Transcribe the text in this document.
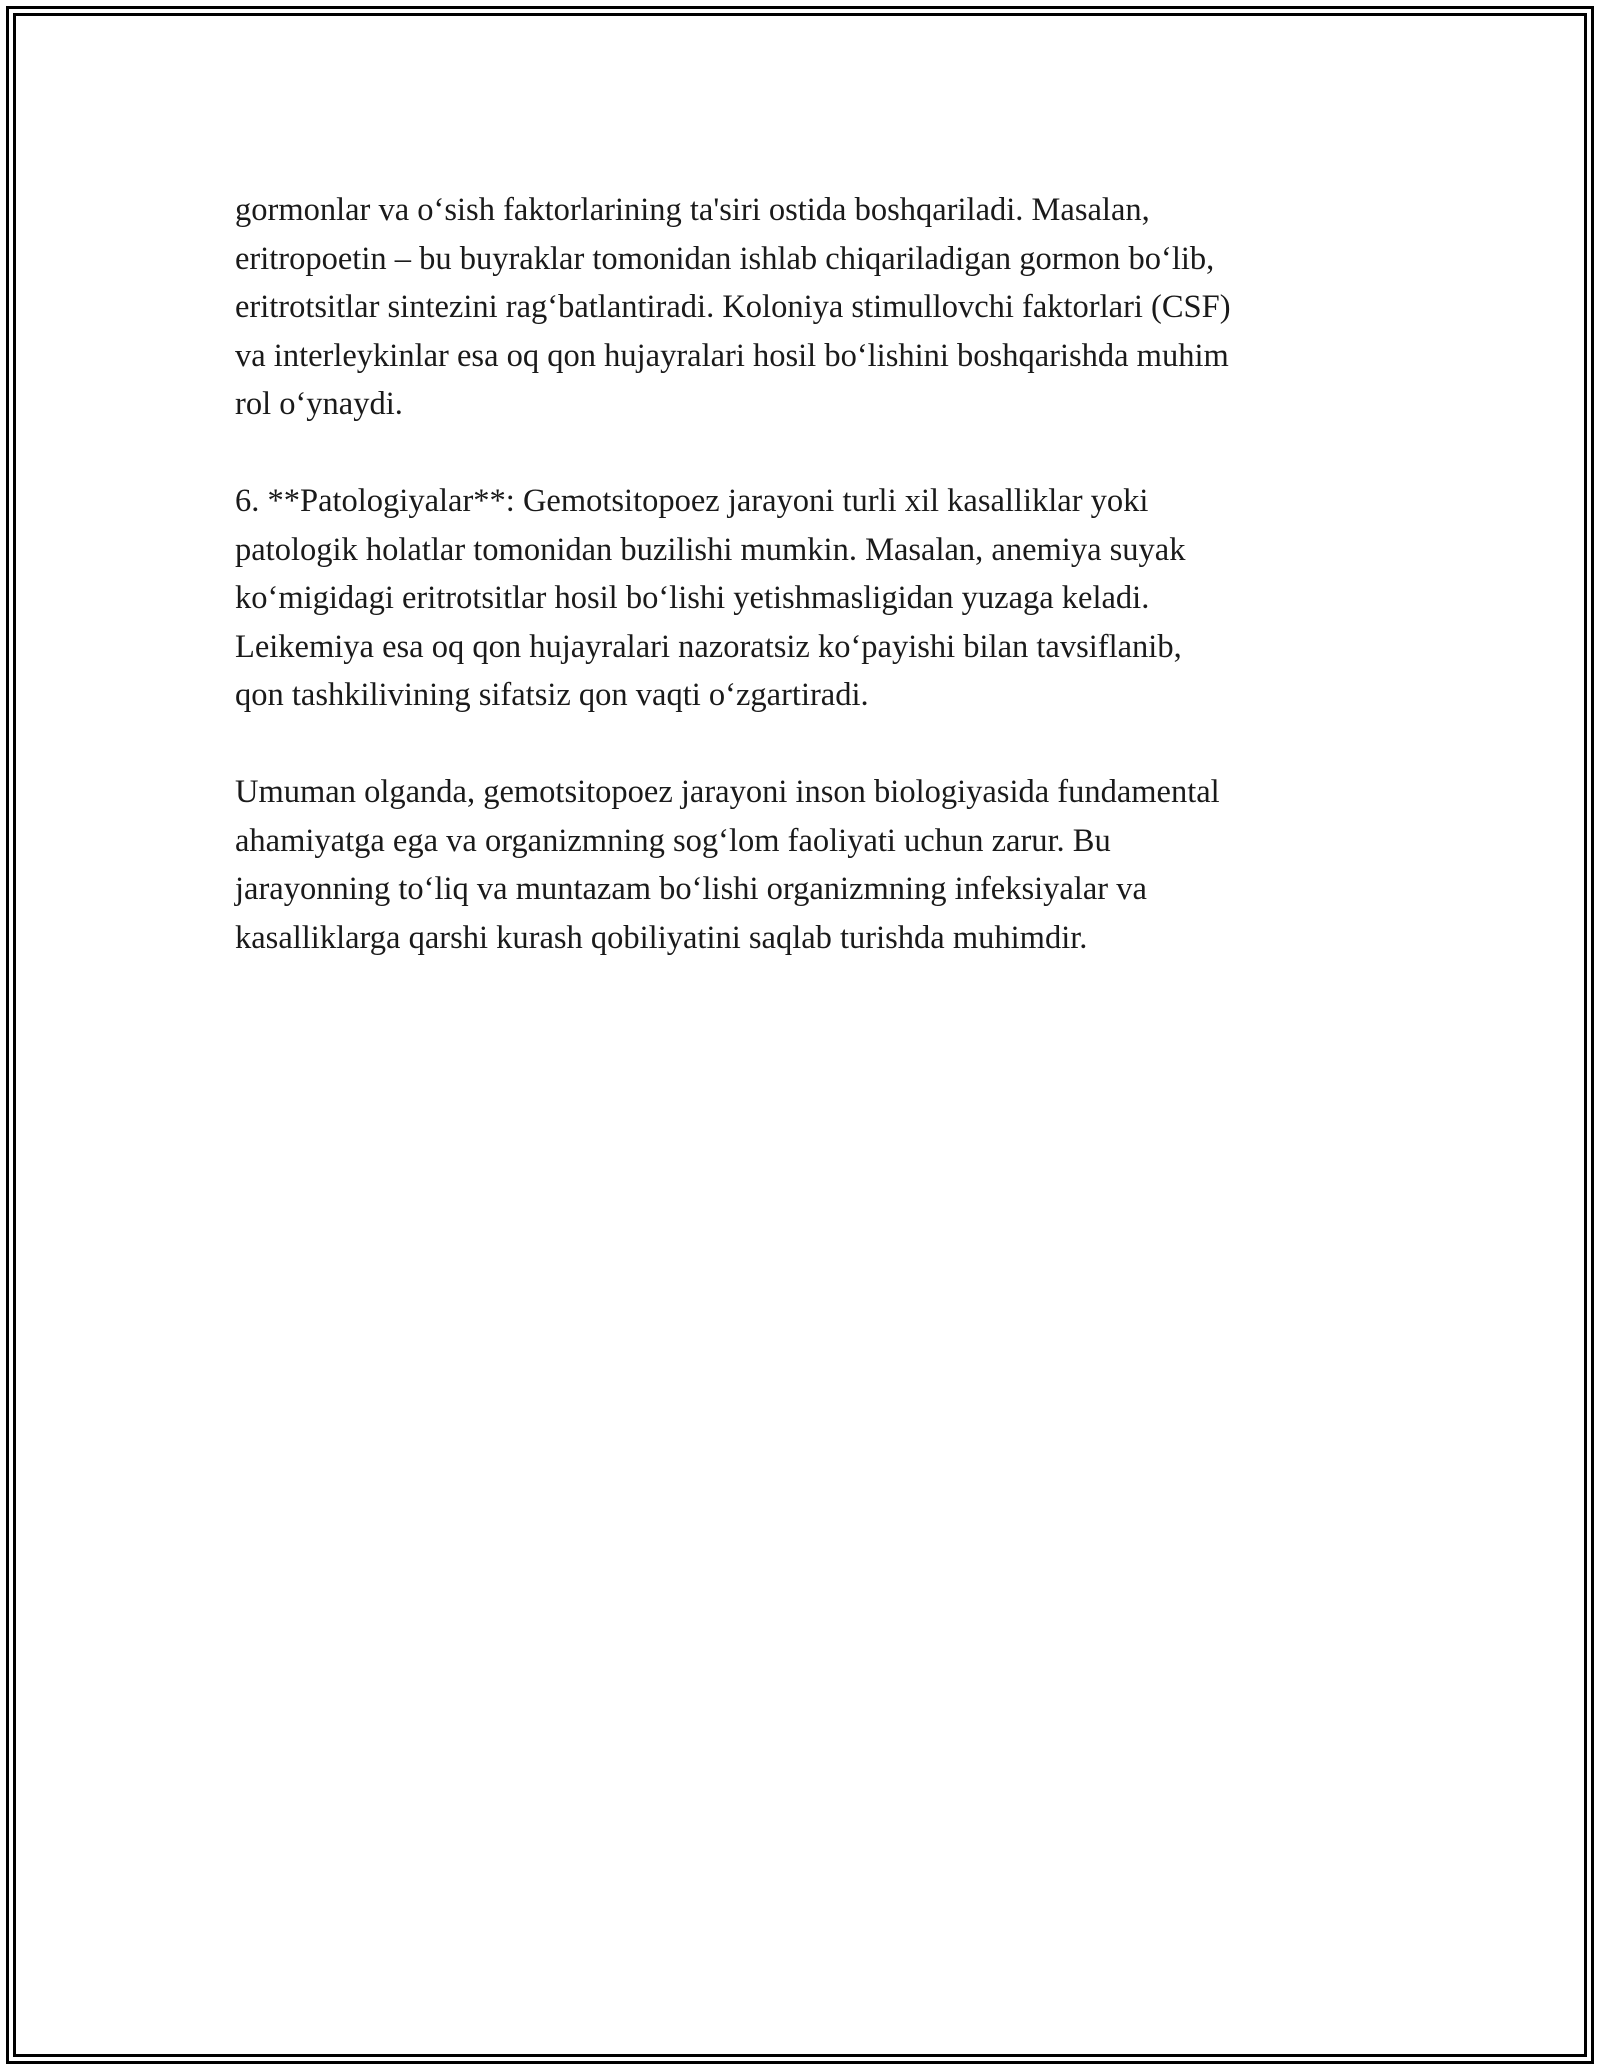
gormonlar va o‘sish faktorlarining ta'siri ostida boshqariladi. Masalan,
eritropoetin – bu buyraklar tomonidan ishlab chiqariladigan gormon bo‘lib,
eritrotsitlar sintezini rag‘batlantiradi. Koloniya stimullovchi faktorlari (CSF)
va interleykinlar esa oq qon hujayralari hosil bo‘lishini boshqarishda muhim
rol o‘ynaydi.

6. **Patologiyalar**: Gemotsitopoez jarayoni turli xil kasalliklar yoki
patologik holatlar tomonidan buzilishi mumkin. Masalan, anemiya suyak
ko‘migidagi eritrotsitlar hosil bo‘lishi yetishmasligidan yuzaga keladi.
Leikemiya esa oq qon hujayralari nazoratsiz ko‘payishi bilan tavsiflanib,
qon tashkilivining sifatsiz qon vaqti o‘zgartiradi.

Umuman olganda, gemotsitopoez jarayoni inson biologiyasida fundamental
ahamiyatga ega va organizmning sog‘lom faoliyati uchun zarur. Bu
jarayonning to‘liq va muntazam bo‘lishi organizmning infeksiyalar va
kasalliklarga qarshi kurash qobiliyatini saqlab turishda muhimdir.
